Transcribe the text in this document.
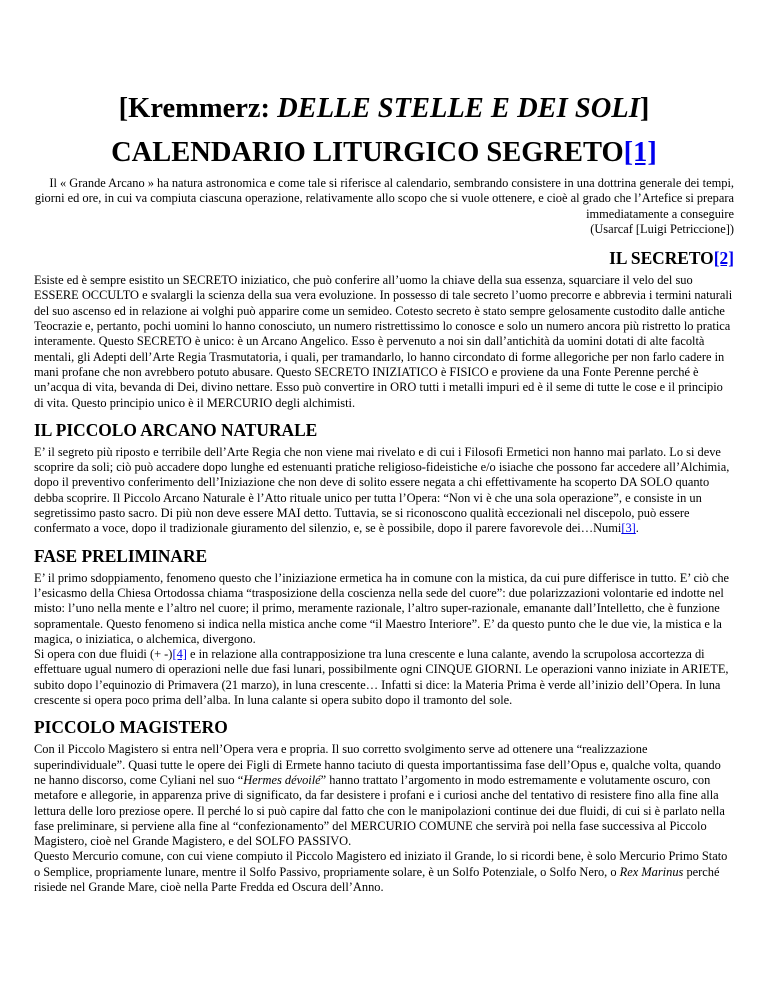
[Kremmerz: DELLE STELLE E DEI SOLI]
CALENDARIO LITURGICO SEGRETO[1]

Il « Grande Arcano » ha natura astronomica e come tale si riferisce al calendario, sembrando consistere in una dottrina generale dei tempi, giorni ed ore, in cui va compiuta ciascuna operazione, relativamente allo scopo che si vuole ottenere, e cioè al grado che l’Artefice si prepara immediatamente a conseguire
(Usarcaf [Luigi Petriccione])

IL SECRETO[2]

Esiste ed è sempre esistito un SECRETO iniziatico, che può conferire all’uomo la chiave della sua essenza, squarciare il velo del suo ESSERE OCCULTO e svalargli la scienza della sua vera evoluzione. In possesso di tale secreto l’uomo precorre e abbrevia i termini naturali del suo ascenso ed in relazione ai volghi può apparire come un semideo. Cotesto secreto è stato sempre gelosamente custodito dalle antiche Teocrazie e, pertanto, pochi uomini lo hanno conosciuto, un numero ristrettissimo lo conosce e solo un numero ancora più ristretto lo pratica interamente. Questo SECRETO è unico: è un Arcano Angelico. Esso è pervenuto a noi sin dall’antichità da uomini dotati di alte facoltà mentali, gli Adepti dell’Arte Regia Trasmutatoria, i quali, per tramandarlo, lo hanno circondato di forme allegoriche per non farlo cadere in mani profane che non avrebbero potuto abusare. Questo SECRETO INIZIATICO è FISICO e proviene da una Fonte Perenne perché è un’acqua di vita, bevanda di Dei, divino nettare. Esso può convertire in ORO tutti i metalli impuri ed è il seme di tutte le cose e il principio di vita. Questo principio unico è il MERCURIO degli alchimisti.

IL PICCOLO ARCANO NATURALE

E’ il segreto più riposto e terribile dell’Arte Regia che non viene mai rivelato e di cui i Filosofi Ermetici non hanno mai parlato. Lo si deve scoprire da soli; ciò può accadere dopo lunghe ed estenuanti pratiche religioso-fideistiche e/o isiache che possono far accedere all’Alchimia, dopo il preventivo conferimento dell’Iniziazione che non deve di solito essere negata a chi effettivamente ha scoperto DA SOLO quanto debba scoprire. Il Piccolo Arcano Naturale è l’Atto rituale unico per tutta l’Opera: “Non vi è che una sola operazione”, e consiste in un segretissimo pasto sacro. Di più non deve essere MAI detto. Tuttavia, se si riconoscono qualità eccezionali nel discepolo, può essere confermato a voce, dopo il tradizionale giuramento del silenzio, e, se è possibile, dopo il parere favorevole dei…Numi[3].

FASE PRELIMINARE

E’ il primo sdoppiamento, fenomeno questo che l’iniziazione ermetica ha in comune con la mistica, da cui pure differisce in tutto. E’ ciò che l’esicasmo della Chiesa Ortodossa chiama “trasposizione della coscienza nella sede del cuore”: due polarizzazioni volontarie ed indotte nel misto: l’uno nella mente e l’altro nel cuore; il primo, meramente razionale, l’altro super-razionale, emanante dall’Intelletto, che è funzione sopramentale. Questo fenomeno si indica nella mistica anche come “il Maestro Interiore”. E’ da questo punto che le due vie, la mistica e la magica, o iniziatica, o alchemica, divergono.

Si opera con due fluidi (+ -)[4] e in relazione alla contrapposizione tra luna crescente e luna calante, avendo la scrupolosa accortezza di effettuare ugual numero di operazioni nelle due fasi lunari, possibilmente ogni CINQUE GIORNI. Le operazioni vanno iniziate in ARIETE, subito dopo l’equinozio di Primavera (21 marzo), in luna crescente… Infatti si dice: la Materia Prima è verde all’inizio dell’Opera. In luna crescente si opera poco prima dell’alba. In luna calante si opera subito dopo il tramonto del sole.

PICCOLO MAGISTERO

Con il Piccolo Magistero si entra nell’Opera vera e propria. Il suo corretto svolgimento serve ad ottenere una “realizzazione superindividuale”. Quasi tutte le opere dei Figli di Ermete hanno taciuto di questa importantissima fase dell’Opus e, qualche volta, quando ne hanno discorso, come Cyliani nel suo “Hermes dévoilé” hanno trattato l’argomento in modo estremamente e volutamente oscuro, con metafore e allegorie, in apparenza prive di significato, da far desistere i profani e i curiosi anche del tentativo di resistere fino alla fine alla lettura delle loro preziose opere. Il perché lo si può capire dal fatto che con le manipolazioni continue dei due fluidi, di cui si è parlato nella fase preliminare, si perviene alla fine al “confezionamento” del MERCURIO COMUNE che servirà poi nella fase successiva al Piccolo Magistero, cioè nel Grande Magistero, e del SOLFO PASSIVO.

Questo Mercurio comune, con cui viene compiuto il Piccolo Magistero ed iniziato il Grande, lo si ricordi bene, è solo Mercurio Primo Stato o Semplice, propriamente lunare, mentre il Solfo Passivo, propriamente solare, è un Solfo Potenziale, o Solfo Nero, o Rex Marinus perché risiede nel Grande Mare, cioè nella Parte Fredda ed Oscura dell’Anno.
